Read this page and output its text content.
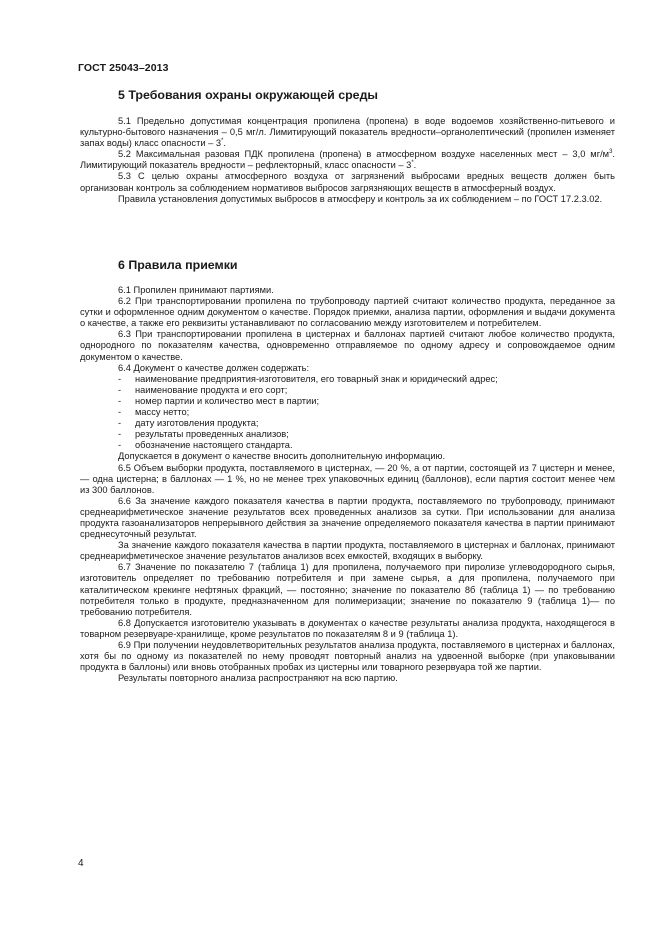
ГОСТ 25043–2013
5 Требования охраны окружающей среды

5.1 Предельно допустимая концентрация пропилена (пропена) в воде водоемов хозяйственно-питьевого и культурно-бытового назначения – 0,5 мг/л. Лимитирующий показатель вредности–органолептический (пропилен изменяет запах воды) класс опасности – 3*.

5.2 Максимальная разовая ПДК пропилена (пропена) в атмосферном воздухе населенных мест – 3,0 $мг/м^3$. Лимитирующий показатель вредности – рефлекторный, класс опасности – 3*.

5.3 С целью охраны атмосферного воздуха от загрязнений выбросами вредных веществ должен быть организован контроль за соблюдением нормативов выбросов загрязняющих веществ в атмосферный воздух.

Правила установления допустимых выбросов в атмосферу и контроль за их соблюдением – по ГОСТ 17.2.3.02.

6 Правила приемки

6.1 Пропилен принимают партиями.

6.2 При транспортировании пропилена по трубопроводу партией считают количество продукта, переданное за сутки и оформленное одним документом о качестве. Порядок приемки, анализа партии, оформления и выдачи документа о качестве, а также его реквизиты устанавливают по согласованию между изготовителем и потребителем.

6.3 При транспортировании пропилена в цистернах и баллонах партией считают любое количество продукта, однородного по показателям качества, одновременно отправляемое по одному адресу и сопровождаемое одним документом о качестве.

6.4 Документ о качестве должен содержать:

- наименование предприятия-изготовителя, его товарный знак и юридический адрес;
- наименование продукта и его сорт;
- номер партии и количество мест в партии;
- массу нетто;
- дату изготовления продукта;
- результаты проведенных анализов;
- обозначение настоящего стандарта.

Допускается в документ о качестве вносить дополнительную информацию.

6.5 Объем выборки продукта, поставляемого в цистернах, — 20 %, а от партии, состоящей из 7 цистерн и менее, — одна цистерна; в баллонах — 1 %, но не менее трех упаковочных единиц (баллонов), если партия состоит менее чем из 300 баллонов.

6.6 За значение каждого показателя качества в партии продукта, поставляемого по трубопроводу, принимают среднеарифметическое значение результатов всех проведенных анализов за сутки. При использовании для анализа продукта газоанализаторов непрерывного действия за значение определяемого показателя качества в партии принимают среднесуточный результат.

За значение каждого показателя качества в партии продукта, поставляемого в цистернах и баллонах, принимают среднеарифметическое значение результатов анализов всех емкостей, входящих в выборку.

6.7 Значение по показателю 7 (таблица 1) для пропилена, получаемого при пиролизе углеводородного сырья, изготовитель определяет по требованию потребителя и при замене сырья, а для пропилена, получаемого при каталитическом крекинге нефтяных фракций, — постоянно; значение по показателю 8б (таблица 1) — по требованию потребителя только в продукте, предназначенном для полимеризации; значение по показателю 9 (таблица 1)— по требованию потребителя.

6.8 Допускается изготовителю указывать в документах о качестве результаты анализа продукта, находящегося в товарном резервуаре-хранилище, кроме результатов по показателям 8 и 9 (таблица 1).

6.9 При получении неудовлетворительных результатов анализа продукта, поставляемого в цистернах и баллонах, хотя бы по одному из показателей по нему проводят повторный анализ на удвоенной выборке (при упаковывании продукта в баллоны) или вновь отобранных пробах из цистерны или товарного резервуара той же партии.

Результаты повторного анализа распространяют на всю партию.

4
